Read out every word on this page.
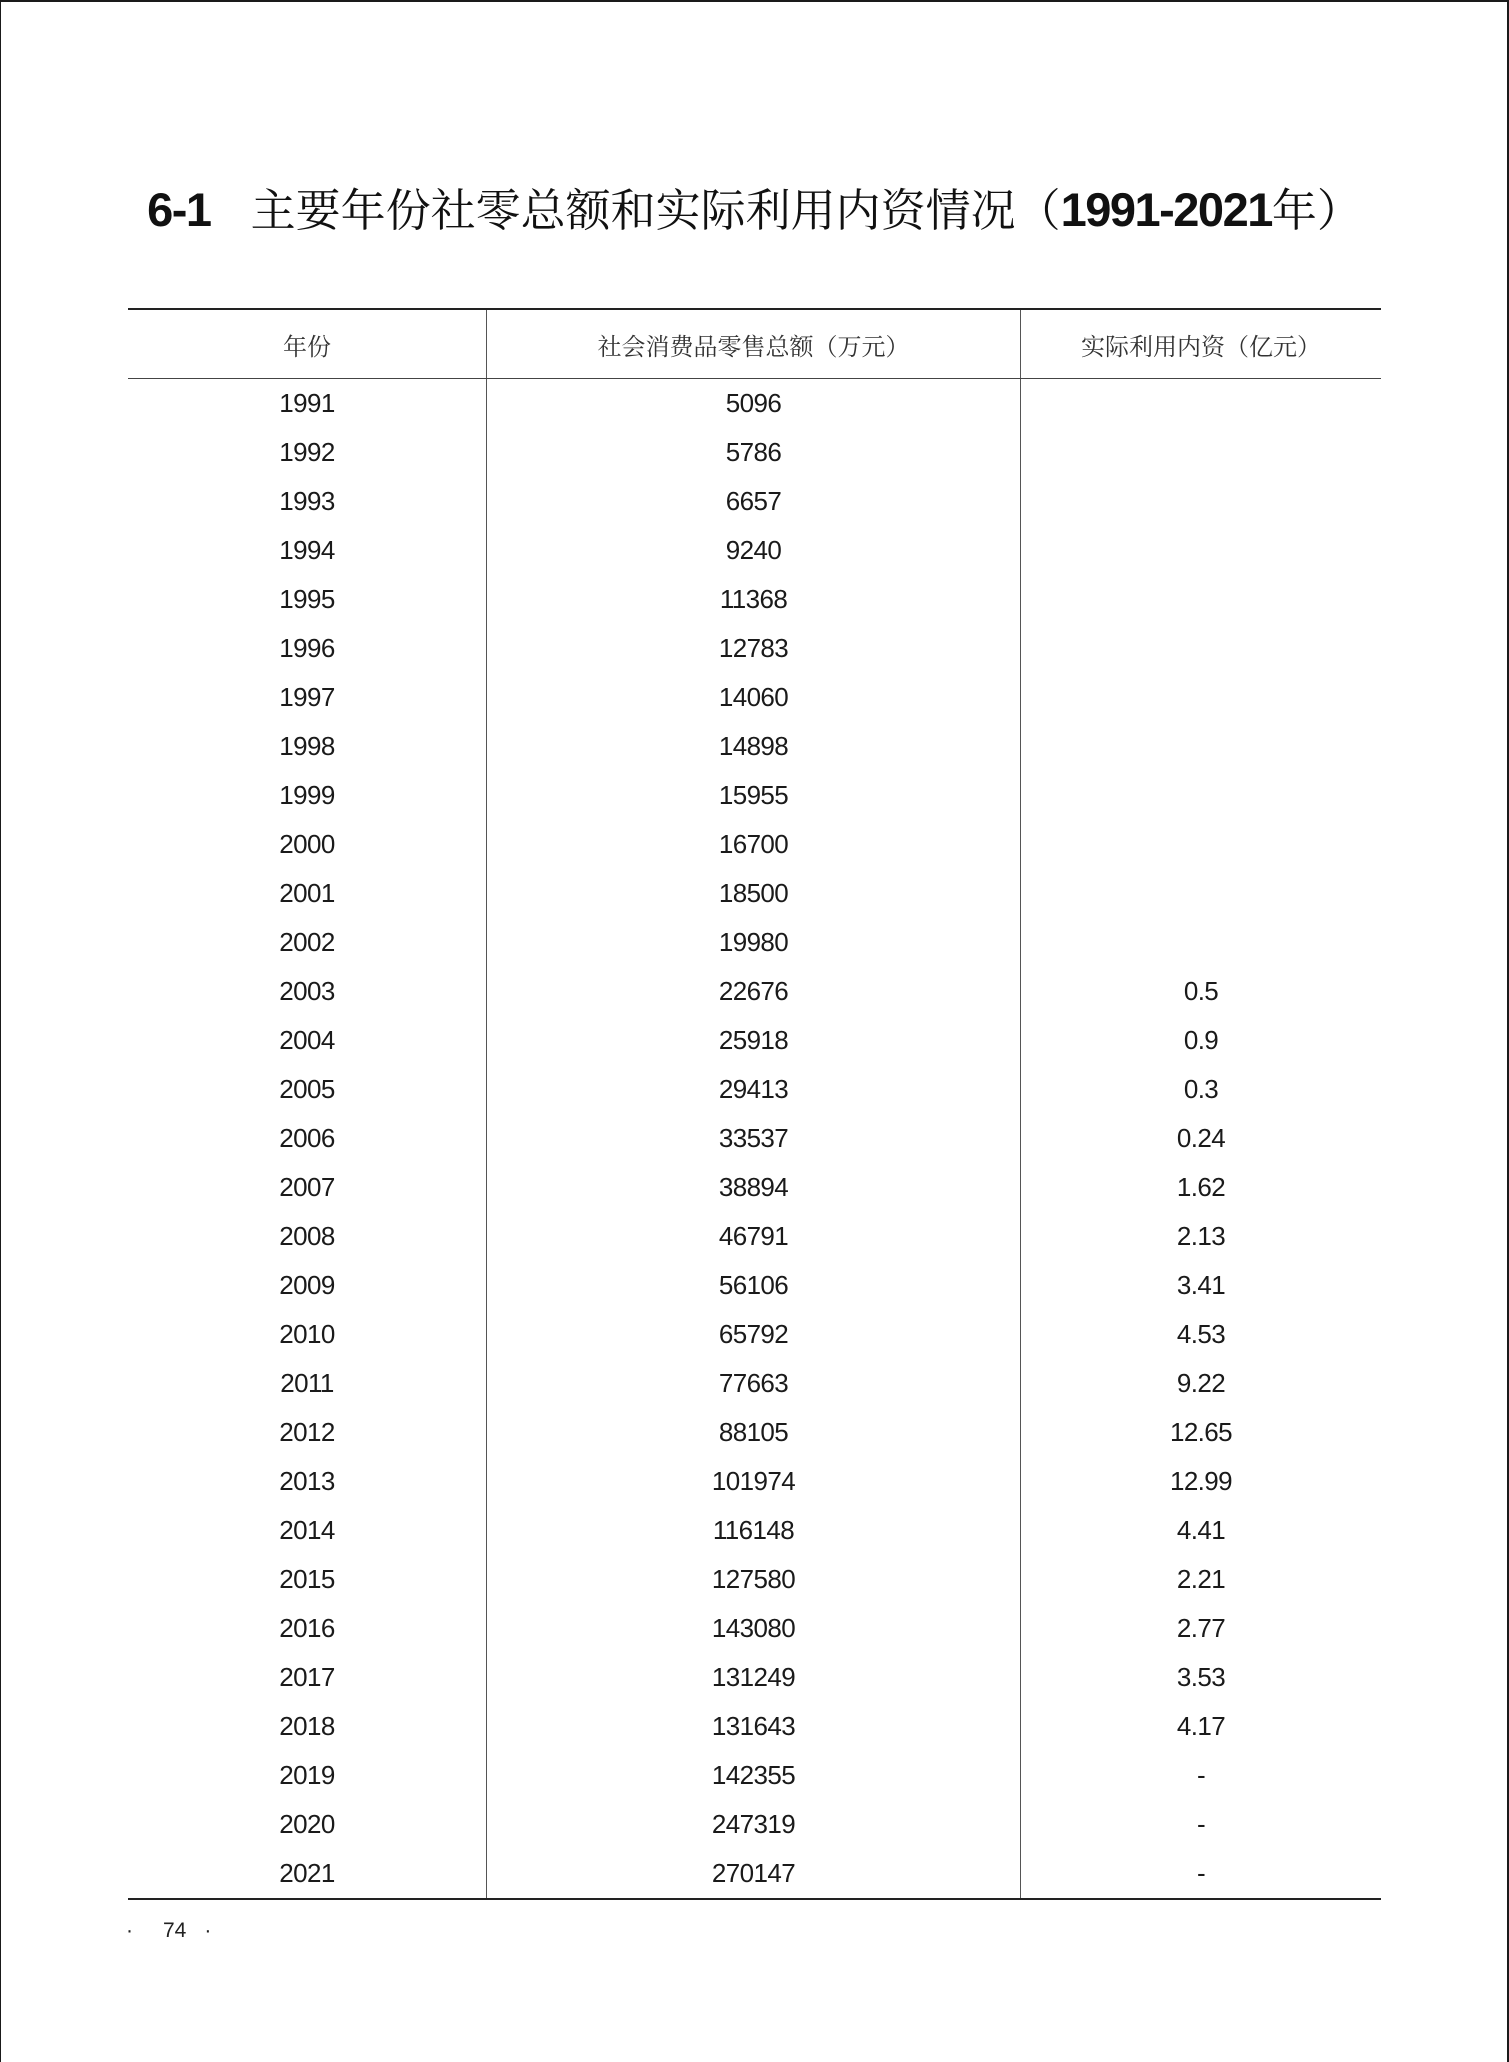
6-1 主要年份社零总额和实际利用内资情况（ 1991-2021 年）
年份	社会消费品零售总额（万元）	实际利用内资（亿元）
1991	5096
1992	5786
1993	6657
1994	9240
1995	11368
1996	12783
1997	14060
1998	14898
1999	15955
2000	16700
2001	18500
2002	19980
2003	22676	0.5
2004	25918	0.9
2005	29413	0.3
2006	33537	0.24
2007	38894	1.62
2008	46791	2.13
2009	56106	3.41
2010	65792	4.53
2011	77663	9.22
2012	88105	12.65
2013	101974	12.99
2014	116148	4.41
2015	127580	2.21
2016	143080	2.77
2017	131249	3.53
2018	131643	4.17
2019	142355	-
2020	247319	-
2021	270147	-
· 74 ·
